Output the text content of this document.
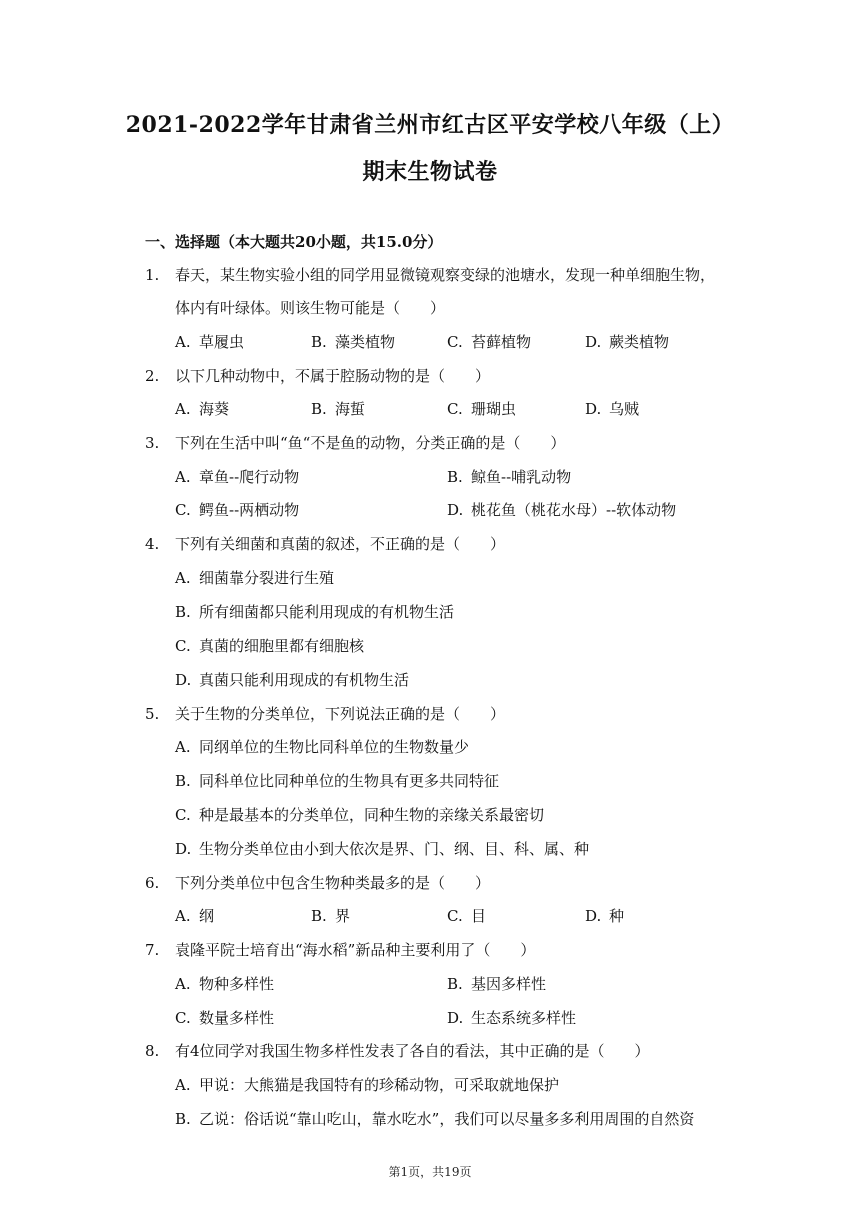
2021-2022学年甘肃省兰州市红古区平安学校八年级（上）
期末生物试卷
一、选择题（本大题共20小题，共15.0分）
1. 春天，某生物实验小组的同学用显微镜观察变绿的池塘水，发现一种单细胞生物，
体内有叶绿体。则该生物可能是（　　）
A. 草履虫	B. 藻类植物	C. 苔藓植物	D. 蕨类植物
2. 以下几种动物中，不属于腔肠动物的是（　　）
A. 海葵	B. 海蜇	C. 珊瑚虫	D. 乌贼
3. 下列在生活中叫“鱼“不是鱼的动物，分类正确的是（　　）
A. 章鱼--爬行动物	B. 鲸鱼--哺乳动物
C. 鳄鱼--两栖动物	D. 桃花鱼（桃花水母）--软体动物
4. 下列有关细菌和真菌的叙述，不正确的是（　　）
A. 细菌靠分裂进行生殖
B. 所有细菌都只能利用现成的有机物生活
C. 真菌的细胞里都有细胞核
D. 真菌只能利用现成的有机物生活
5. 关于生物的分类单位，下列说法正确的是（　　）
A. 同纲单位的生物比同科单位的生物数量少
B. 同科单位比同种单位的生物具有更多共同特征
C. 种是最基本的分类单位，同种生物的亲缘关系最密切
D. 生物分类单位由小到大依次是界、门、纲、目、科、属、种
6. 下列分类单位中包含生物种类最多的是（　　）
A. 纲	B. 界	C. 目	D. 种
7. 袁隆平院士培育出“海水稻”新品种主要利用了（　　）
A. 物种多样性	B. 基因多样性
C. 数量多样性	D. 生态系统多样性
8. 有4位同学对我国生物多样性发表了各自的看法，其中正确的是（　　）
A. 甲说：大熊猫是我国特有的珍稀动物，可采取就地保护
B. 乙说：俗话说“靠山吃山，靠水吃水”，我们可以尽量多多利用周围的自然资
第1页，共19页
